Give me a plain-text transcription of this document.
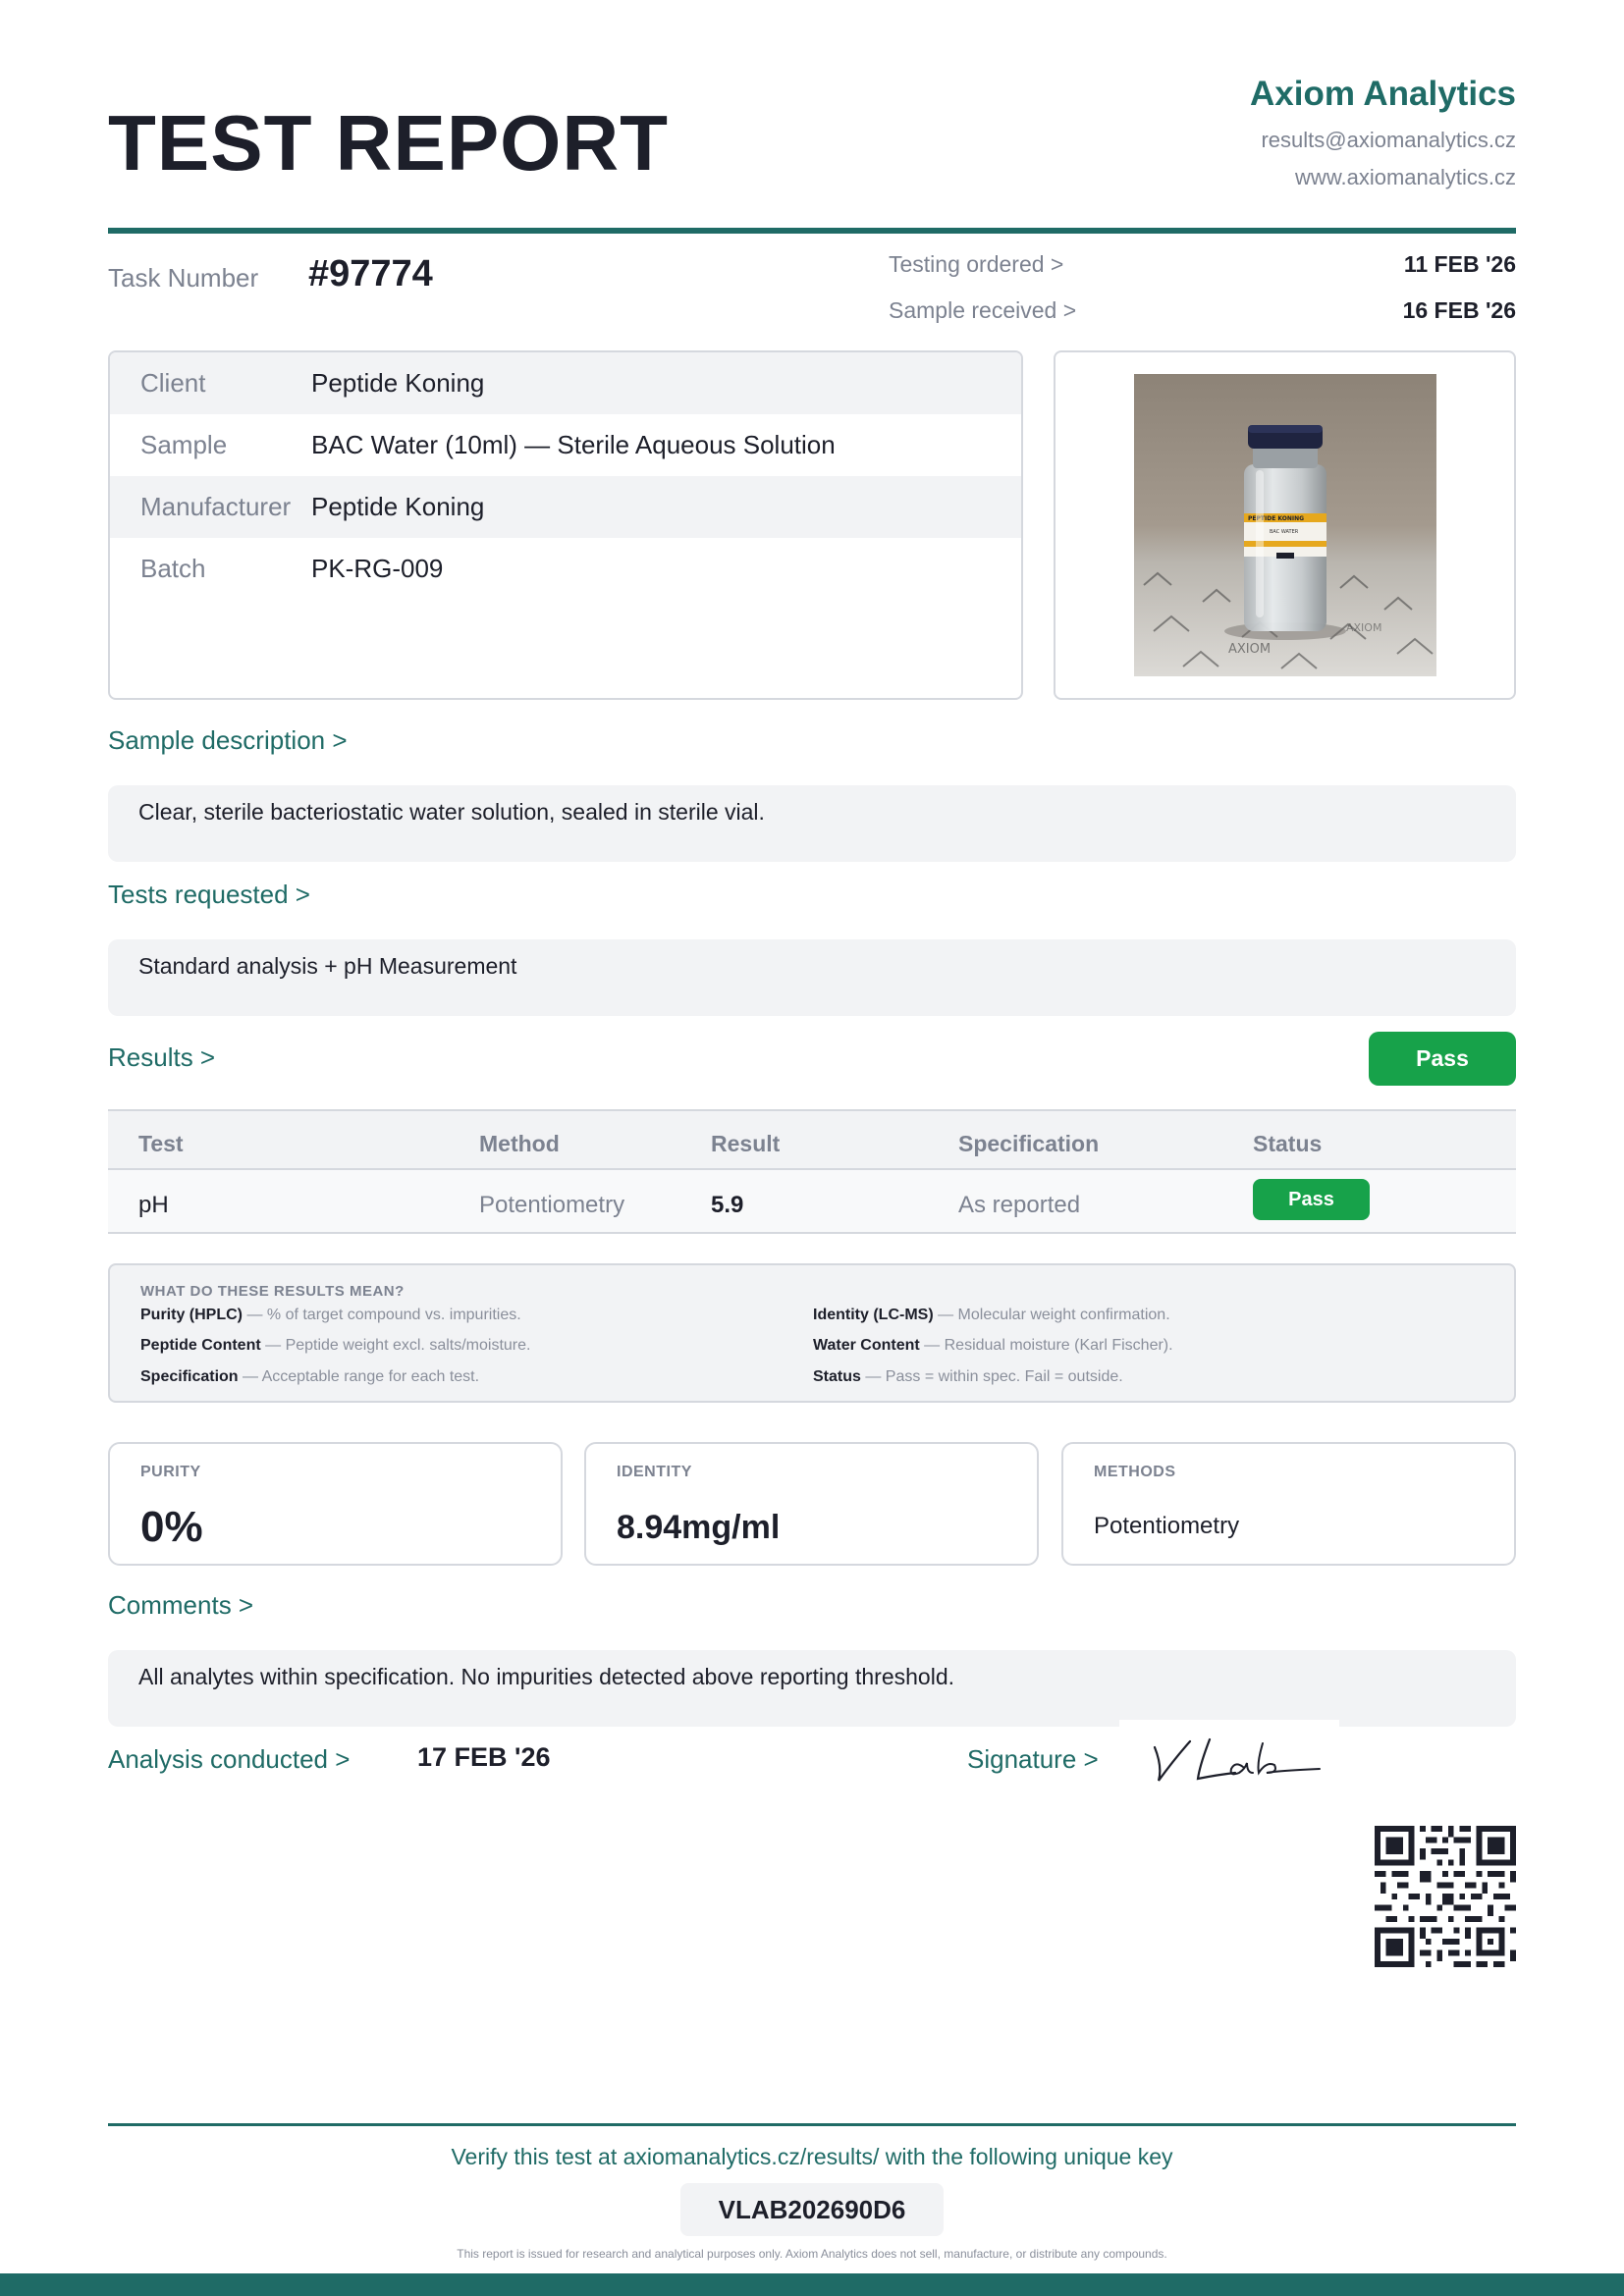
TEST REPORT
Axiom Analytics
results@axiomanalytics.cz
www.axiomanalytics.cz
Task Number #97774	Testing ordered >	11 FEB '26
Sample received >	16 FEB '26
Client	Peptide Koning
Sample	BAC Water (10ml) — Sterile Aqueous Solution
Manufacturer Peptide Koning
Batch	PK-RG-009
AXIOM
AXIOM
PEPTIDE KONING
BAC WATER
Sample description >
Clear, sterile bacteriostatic water solution, sealed in sterile vial.
Tests requested >
Standard analysis + pH Measurement
Results >	Pass
Test	Method	Result	Specification	Status
pH	Potentiometry	5.9	As reported	Pass
WHAT DO THESE RESULTS MEAN?
Purity (HPLC) — % of target compound vs. impurities.	Identity (LC-MS) — Molecular weight confirmation.
Peptide Content — Peptide weight excl. salts/moisture.	Water Content — Residual moisture (Karl Fischer).
Specification — Acceptable range for each test.	Status — Pass = within spec. Fail = outside.
PURITY
0%
IDENTITY
8.94mg/ml
METHODS
Potentiometry
Comments >
All analytes within specification. No impurities detected above reporting threshold.
Analysis conducted >	17 FEB '26	Signature >
Verify this test at axiomanalytics.cz/results/ with the following unique key
VLAB202690D6
This report is issued for research and analytical purposes only. Axiom Analytics does not sell, manufacture, or distribute any compounds.
